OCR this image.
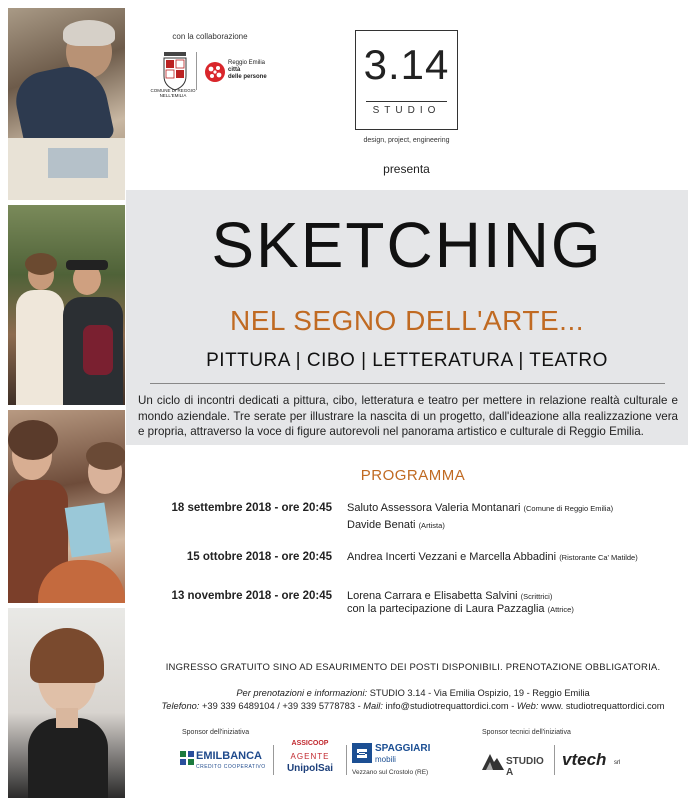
con la collaborazione
COMUNE DI REGGIO NELL'EMILIA
Reggio Emilia
città
delle persone 3.14
STUDIO
design, project, engineering
presenta
SKETCHING
NEL SEGNO DELL'ARTE...
PITTURA | CIBO | LETTERATURA | TEATRO
Un ciclo di incontri dedicati a pittura, cibo, letteratura e teatro per mettere in relazione realtà culturale e mondo aziendale. Tre serate per illustrare la nascita di un progetto, dall'ideazione alla realizzazione vera e propria, attraverso la voce di figure autorevoli nel panorama artistico e culturale di Reggio Emilia.
PROGRAMMA
18 settembre 2018 - ore 20:45 Saluto Assessora Valeria Montanari (Comune di Reggio Emilia)
Davide Benati (Artista)
15 ottobre 2018 - ore 20:45 Andrea Incerti Vezzani e Marcella Abbadini (Ristorante Ca' Matilde)
13 novembre 2018 - ore 20:45 Lorena Carrara e Elisabetta Salvini (Scrittrici)
con la partecipazione di Laura Pazzaglia (Attrice)
INGRESSO GRATUITO SINO AD ESAURIMENTO DEI POSTI DISPONIBILI. PRENOTAZIONE OBBLIGATORIA.
Per prenotazioni e informazioni: STUDIO 3.14 - Via Emilia Ospizio, 19 - Reggio Emilia
Telefono: +39 339 6489104 / +39 339 5778783 - Mail: info@studiotrequattordici.com - Web: www. studiotrequattordici.com
Sponsor dell'iniziativa	Sponsor tecnici dell'iniziativa
EMILBANCA
CREDITO COOPERATIVO
ASSICOOP
AGENTE
UnipolSai
SPAGGIARI
mobili
Vezzano sul Crostolo (RE)
STUDIO A
vtech srl
